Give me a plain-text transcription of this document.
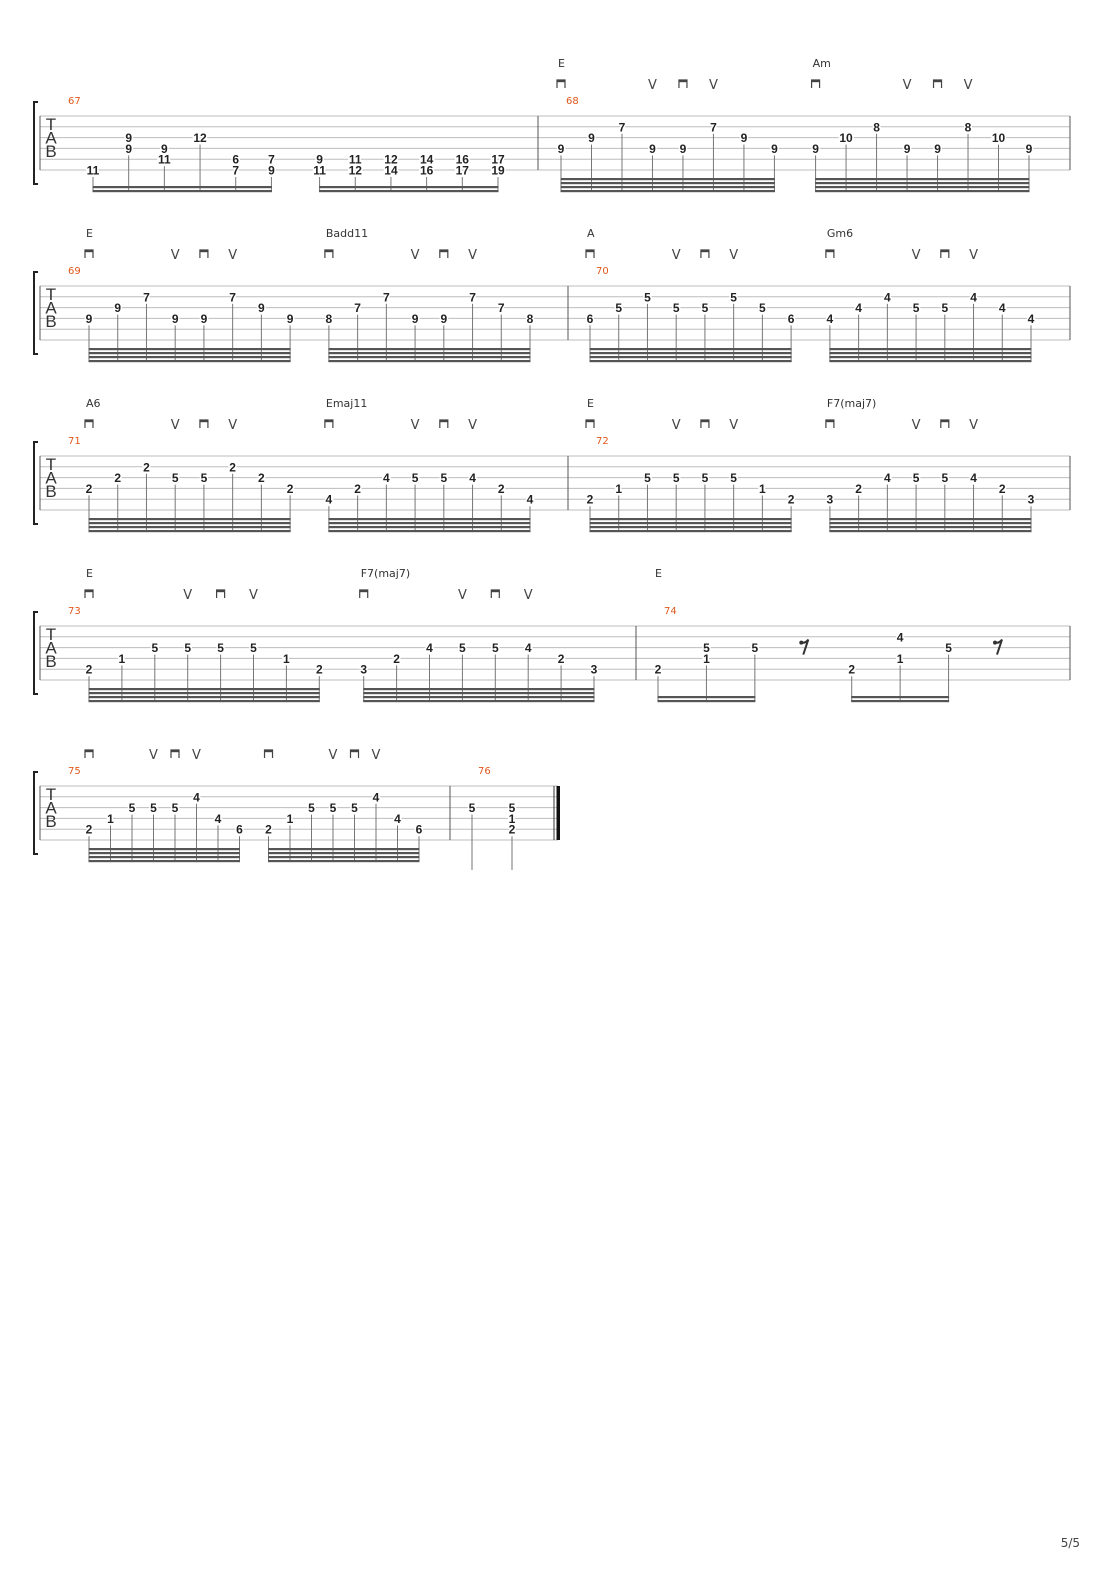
T
A
B
67
11
9
9 9
11
12
6
7
7
9
9
11
11
12
12
14
14
16
16
17
17
19
68
E	Am
V	V	V	V
9
9
7
9 9
7
9
9	9
10
8
9 9
8
10
9
T
A
B
69
E	Badd11
V	V	V	V
9
9
7
9 9
7
9
9	8
7
7
9 9
7
7
8
70
A	Gm6
V	V	V	V
6
5
5
5 5
5
5
6	4
4
4
5 5
4
4
4
T
A
B
71
A6	Emaj11
V	V	V	V
2
2
2
5 5
2
2
2
4
2
4 5 5 4
2
4
72
E	F7(maj7)
V	V	V	V
2
1
5 5 5 5
1
2	3
2
4 5 5 4
2
3
T
A
B
73
E	F7(maj7)
V	V	V	V
2
1
5 5 5 5
1
2	3
2
4 5 5 4
2
3
74
E
2
5
1
5
2
4
1
5
T
A
B
75
V	V	V	V
2
1
5 5 5
4
4
6 2
1
5 5 5
4
4
6
76
5	5
1
2
5/5
